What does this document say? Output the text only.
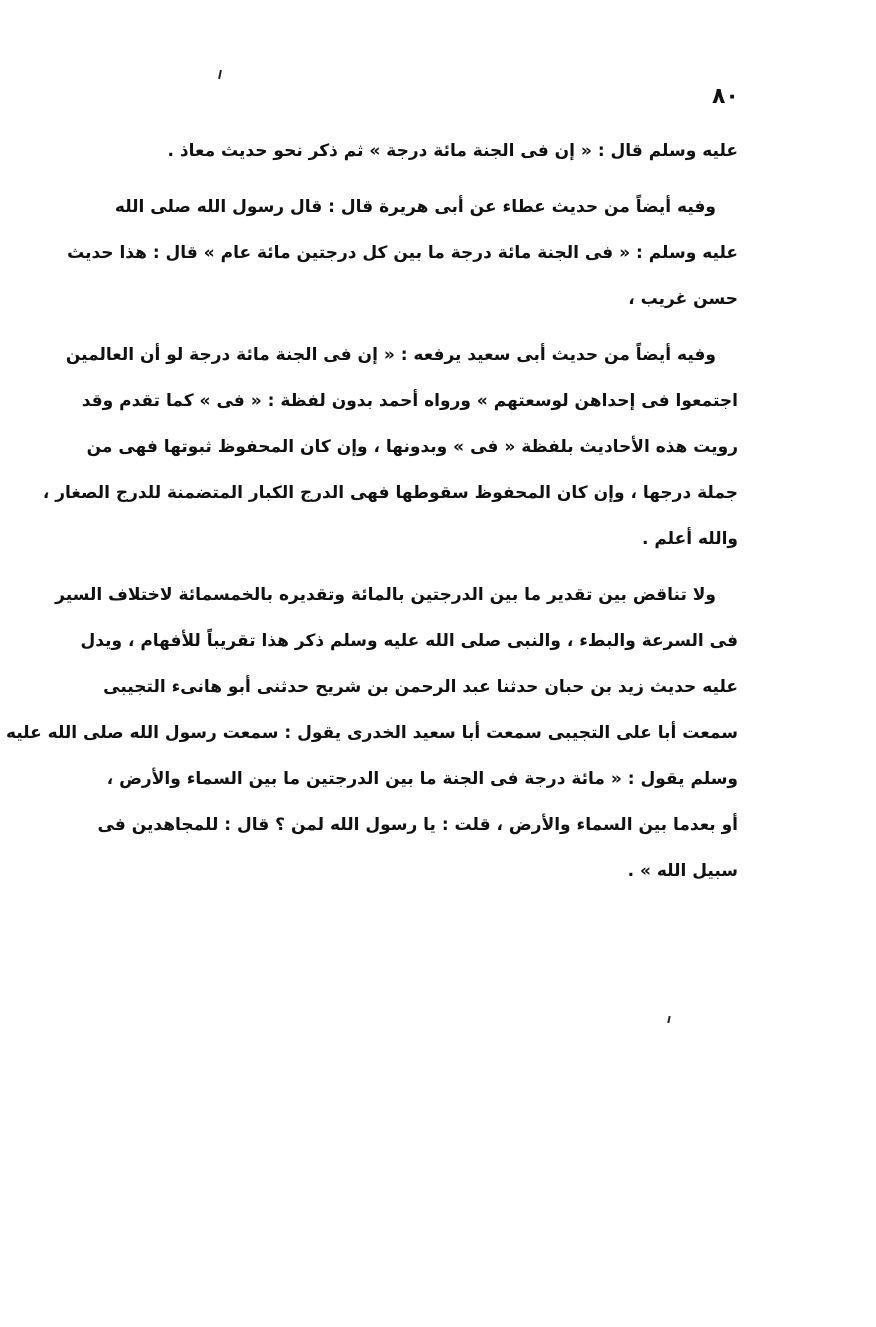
٨٠
عليه وسلم قال : « إن فى الجنة مائة درجة » ثم ذكر نحو حديث معاذ .
وفيه أيضاً من حديث عطاء عن أبى هريرة قال : قال رسول الله صلى الله
عليه وسلم : « فى الجنة مائة درجة ما بين كل درجتين مائة عام » قال : هذا حديث
حسن غريب ،
وفيه أيضاً من حديث أبى سعيد يرفعه : « إن فى الجنة مائة درجة لو أن العالمين
اجتمعوا فى إحداهن لوسعتهم » ورواه أحمد بدون لفظة : « فى » كما تقدم وقد
رويت هذه الأحاديث بلفظة « فى » وبدونها ، وإن كان المحفوظ ثبوتها فهى من
جملة درجها ، وإن كان المحفوظ سقوطها فهى الدرج الكبار المتضمنة للدرج الصغار ،
والله أعلم .
ولا تناقض بين تقدير ما بين الدرجتين بالمائة وتقديره بالخمسمائة لاختلاف السير
فى السرعة والبطء ، والنبى صلى الله عليه وسلم ذكر هذا تقريباً للأفهام ، ويدل
عليه حديث زيد بن حبان حدثنا عبد الرحمن بن شريح حدثنى أبو هانىء التجيبى
سمعت أبا على التجيبى سمعت أبا سعيد الخدرى يقول : سمعت رسول الله صلى الله عليه
وسلم يقول : « مائة درجة فى الجنة ما بين الدرجتين ما بين السماء والأرض ،
أو بعدما بين السماء والأرض ، قلت : يا رسول الله لمن ؟ قال : للمجاهدين فى
سبيل الله » .
